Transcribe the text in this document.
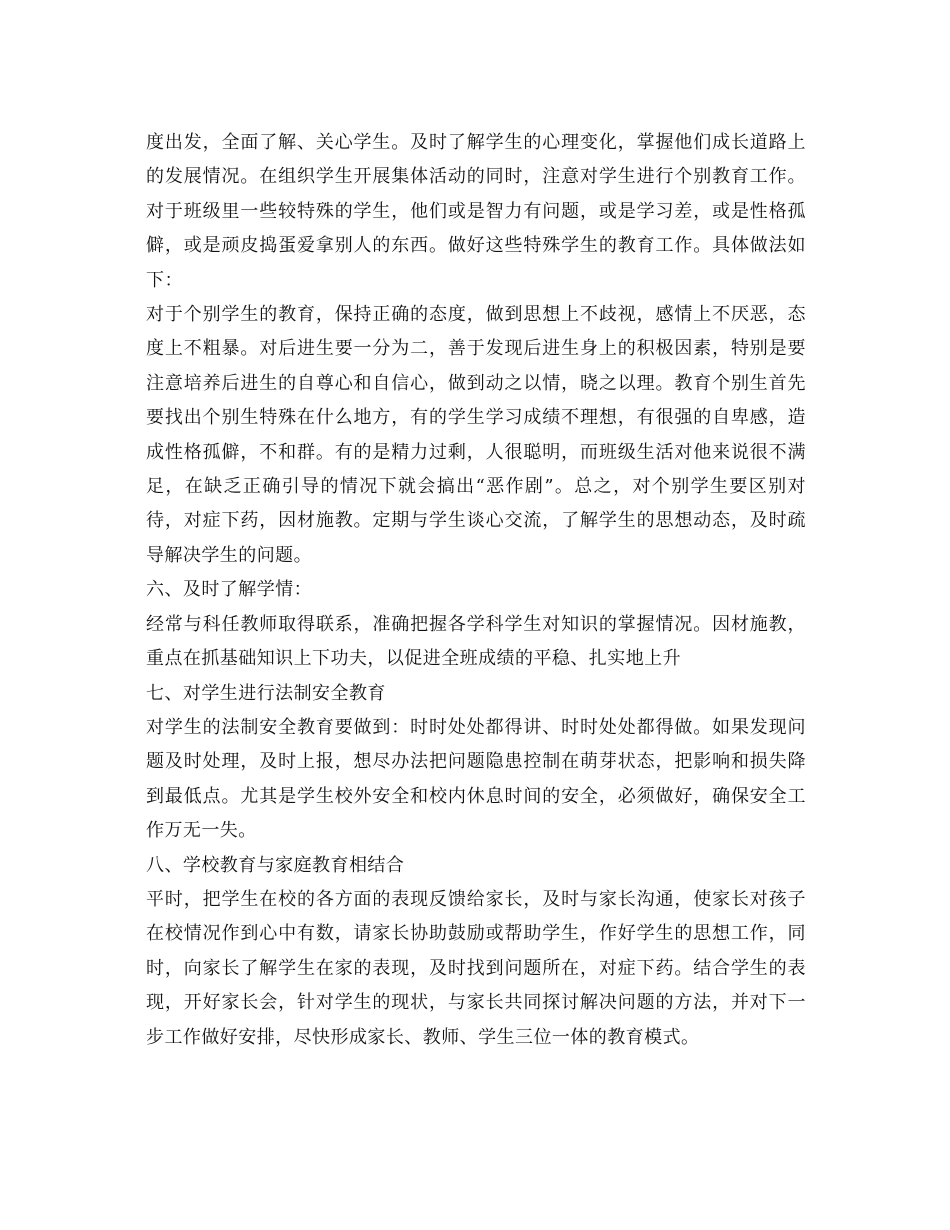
度出发，全面了解、关心学生。及时了解学生的心理变化，掌握他们成长道路上的发展情况。在组织学生开展集体活动的同时，注意对学生进行个别教育工作。对于班级里一些较特殊的学生，他们或是智力有问题，或是学习差，或是性格孤僻，或是顽皮捣蛋爱拿别人的东西。做好这些特殊学生的教育工作。具体做法如下：

对于个别学生的教育，保持正确的态度，做到思想上不歧视，感情上不厌恶，态度上不粗暴。对后进生要一分为二，善于发现后进生身上的积极因素，特别是要注意培养后进生的自尊心和自信心，做到动之以情，晓之以理。教育个别生首先要找出个别生特殊在什么地方，有的学生学习成绩不理想，有很强的自卑感，造成性格孤僻，不和群。有的是精力过剩，人很聪明，而班级生活对他来说很不满足，在缺乏正确引导的情况下就会搞出“恶作剧”。总之，对个别学生要区别对待，对症下药，因材施教。定期与学生谈心交流，了解学生的思想动态，及时疏导解决学生的问题。

六、及时了解学情：

经常与科任教师取得联系，准确把握各学科学生对知识的掌握情况。因材施教，重点在抓基础知识上下功夫，以促进全班成绩的平稳、扎实地上升

七、对学生进行法制安全教育

对学生的法制安全教育要做到：时时处处都得讲、时时处处都得做。如果发现问题及时处理，及时上报，想尽办法把问题隐患控制在萌芽状态，把影响和损失降到最低点。尤其是学生校外安全和校内休息时间的安全，必须做好，确保安全工作万无一失。

八、学校教育与家庭教育相结合

平时，把学生在校的各方面的表现反馈给家长，及时与家长沟通，使家长对孩子在校情况作到心中有数，请家长协助鼓励或帮助学生，作好学生的思想工作，同时，向家长了解学生在家的表现，及时找到问题所在，对症下药。结合学生的表现，开好家长会，针对学生的现状，与家长共同探讨解决问题的方法，并对下一步工作做好安排，尽快形成家长、教师、学生三位一体的教育模式。
